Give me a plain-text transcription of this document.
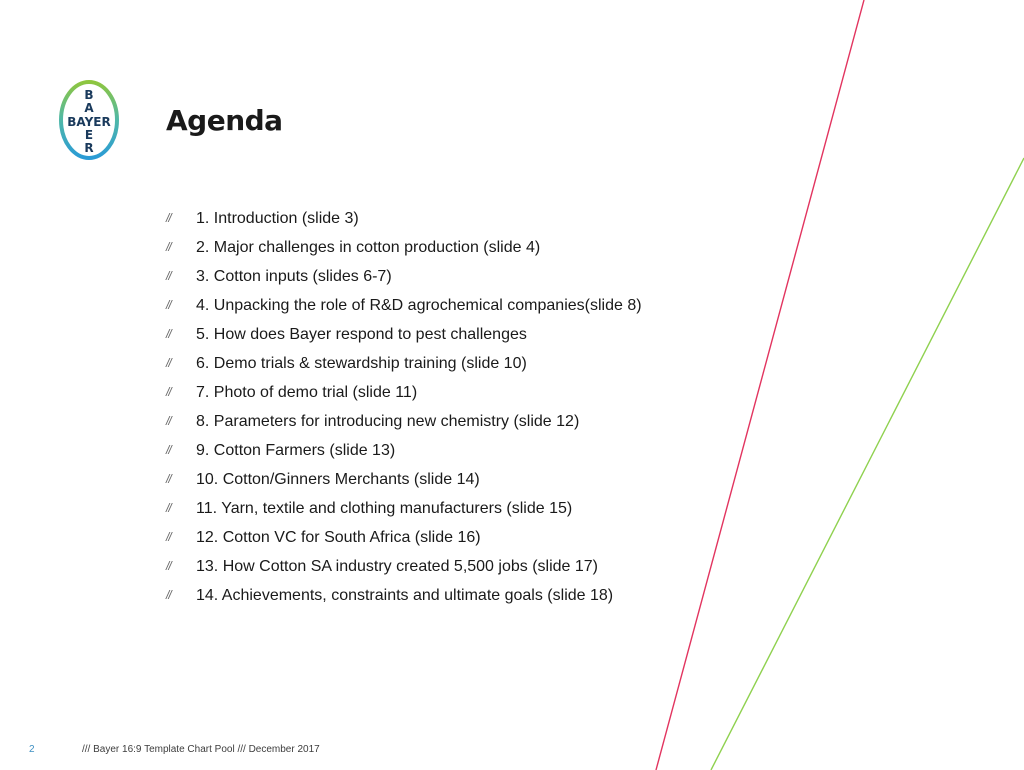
B
A
BAYER
E
R
Agenda
//	1. Introduction (slide 3)
//	2. Major challenges in cotton production (slide 4)
//	3. Cotton inputs (slides 6-7)
//	4. Unpacking the role of R&D agrochemical companies(slide 8)
//	5. How does Bayer respond to pest challenges
//	6. Demo trials & stewardship training (slide 10)
//	7. Photo of demo trial (slide 11)
//	8. Parameters for introducing new chemistry (slide 12)
//	9. Cotton Farmers (slide 13)
//	10. Cotton/Ginners Merchants (slide 14)
//	11. Yarn, textile and clothing manufacturers (slide 15)
//	12. Cotton VC for South Africa (slide 16)
//	13. How Cotton SA industry created 5,500 jobs (slide 17)
//	14. Achievements, constraints and ultimate goals (slide 18)
2	/// Bayer 16:9 Template Chart Pool /// December 2017
